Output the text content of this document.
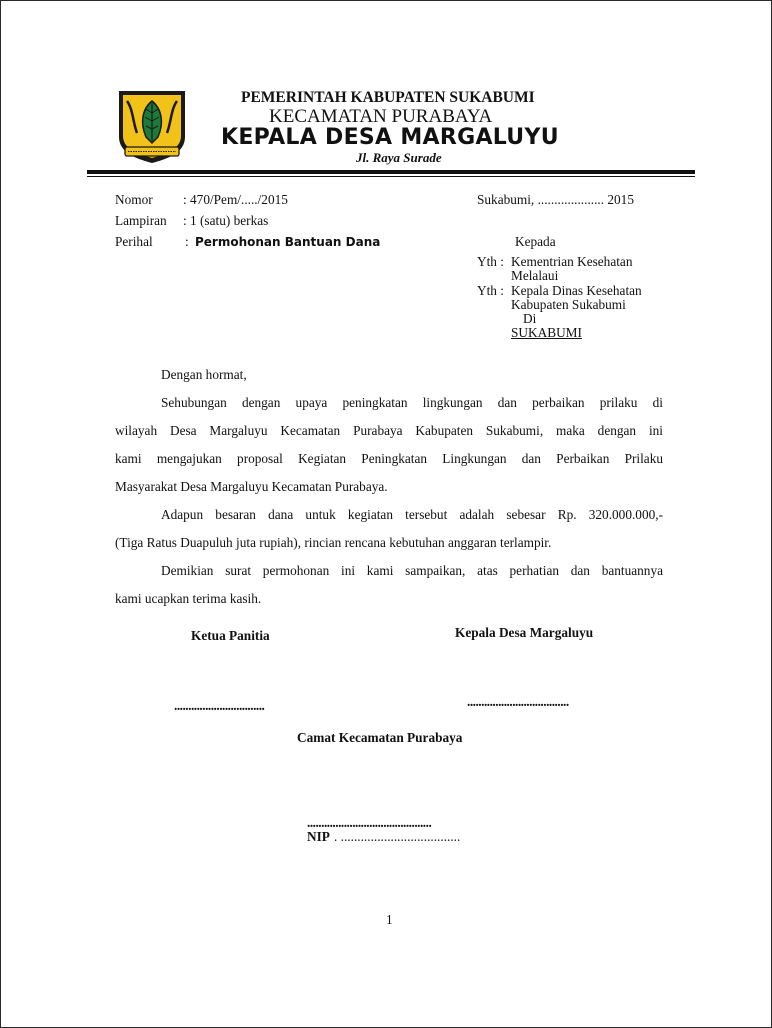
PEMERINTAH KABUPATEN SUKABUMI
KECAMATAN PURABAYA
KEPALA DESA MARGALUYU
Jl. Raya Surade
Nomor : 470/Pem/...../2015	Sukabumi, .................... 2015
Lampiran : 1 (satu) berkas
Perihal : Permohonan Bantuan Dana	Kepada
Yth : Kementrian Kesehatan
Melalaui
Yth : Kepala Dinas Kesehatan
Kabupaten Sukabumi
Di
SUKABUMI
Dengan hormat,
Sehubungan dengan upaya peningkatan lingkungan dan perbaikan prilaku di
wilayah Desa Margaluyu Kecamatan Purabaya Kabupaten Sukabumi, maka dengan ini
kami mengajukan proposal Kegiatan Peningkatan Lingkungan dan Perbaikan Prilaku
Masyarakat Desa Margaluyu Kecamatan Purabaya.
Adapun besaran dana untuk kegiatan tersebut adalah sebesar Rp. 320.000.000,-
(Tiga Ratus Duapuluh juta rupiah), rincian rencana kebutuhan anggaran terlampir.
Demikian surat permohonan ini kami sampaikan, atas perhatian dan bantuannya
kami ucapkan terima kasih.
Ketua Panitia	Kepala Desa Margaluyu
................................	....................................
Camat Kecamatan Purabaya
............................................
NIP . ....................................
1
